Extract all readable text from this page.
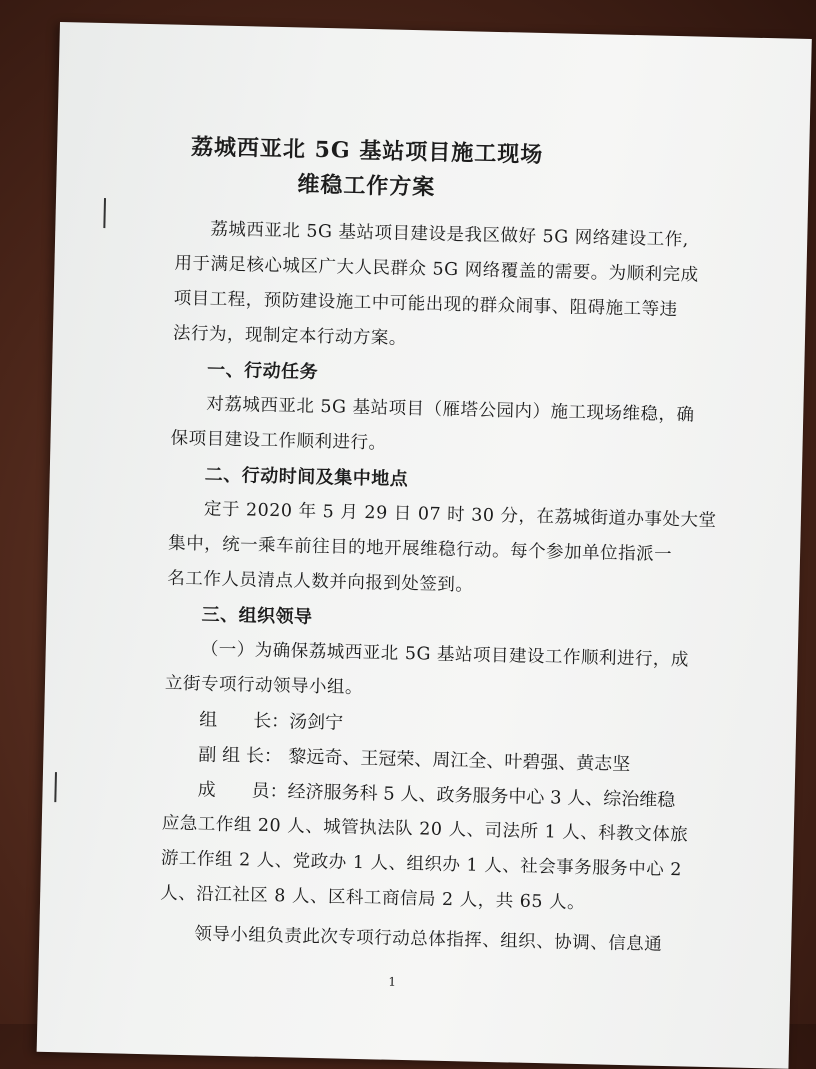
荔城西亚北 5G 基站项目施工现场
维稳工作方案
荔城西亚北 5G 基站项目建设是我区做好 5G 网络建设工作,
用于满足核心城区广大人民群众 5G 网络覆盖的需要。为顺利完成
项目工程，预防建设施工中可能出现的群众闹事、阻碍施工等违
法行为，现制定本行动方案。
一、行动任务
对荔城西亚北 5G 基站项目（雁塔公园内）施工现场维稳，确
保项目建设工作顺利进行。
二、行动时间及集中地点
定于 2020 年 5 月 29 日 07 时 30 分，在荔城街道办事处大堂
集中，统一乘车前往目的地开展维稳行动。每个参加单位指派一
名工作人员清点人数并向报到处签到。
三、组织领导
（一）为确保荔城西亚北 5G 基站项目建设工作顺利进行，成
立街专项行动领导小组。
组　　长： 汤剑宁
副 组 长： 黎远奇、王冠荣、周江全、叶碧强、黄志坚
成　　员： 经济服务科 5 人、政务服务中心 3 人、综治维稳
应急工作组 20 人、城管执法队 20 人、司法所 1 人、科教文体旅
游工作组 2 人、党政办 1 人、组织办 1 人、社会事务服务中心 2
人、沿江社区 8 人、区科工商信局 2 人，共 65 人。
领导小组负责此次专项行动总体指挥、组织、协调、信息通
1
